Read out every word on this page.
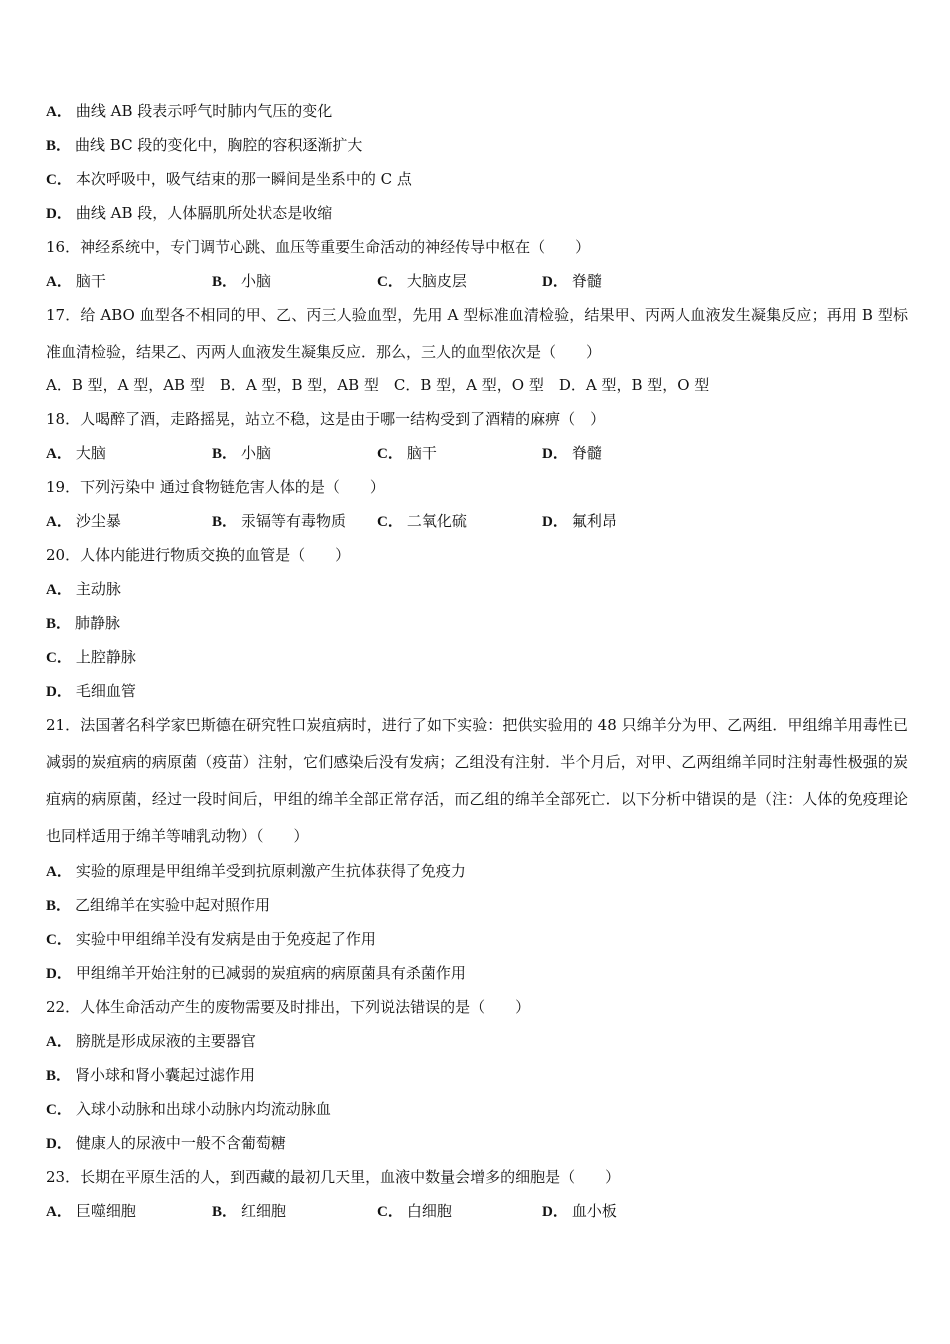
A． 曲线 AB 段表示呼气时肺内气压的变化
B． 曲线 BC 段的变化中，胸腔的容积逐渐扩大
C． 本次呼吸中，吸气结束的那一瞬间是坐系中的 C 点
D． 曲线 AB 段，人体膈肌所处状态是收缩
16．神经系统中，专门调节心跳、血压等重要生命活动的神经传导中枢在（　　）
A． 脑干	B． 小脑	C． 大脑皮层	D． 脊髓
17．给 ABO 血型各不相同的甲、乙、丙三人验血型，先用 A 型标准血清检验，结果甲、丙两人血液发生凝集反应；再用 B 型标准血清检验，结果乙、丙两人血液发生凝集反应．那么，三人的血型依次是（　　）
A．B 型，A 型，AB 型　B．A 型，B 型，AB 型　C．B 型，A 型，O 型　D．A 型，B 型，O 型
18．人喝醉了酒，走路摇晃，站立不稳，这是由于哪一结构受到了酒精的麻痹（　）
A． 大脑	B． 小脑	C． 脑干	D． 脊髓
19．下列污染中 通过食物链危害人体的是（　　）
A． 沙尘暴	B． 汞镉等有毒物质 C． 二氧化硫	D． 氟利昂
20．人体内能进行物质交换的血管是（　　）
A． 主动脉
B． 肺静脉
C． 上腔静脉
D． 毛细血管
21．法国著名科学家巴斯德在研究牲口炭疽病时，进行了如下实验：把供实验用的 48 只绵羊分为甲、乙两组．甲组绵羊用毒性已减弱的炭疽病的病原菌（疫苗）注射，它们感染后没有发病；乙组没有注射．半个月后，对甲、乙两组绵羊同时注射毒性极强的炭疽病的病原菌，经过一段时间后，甲组的绵羊全部正常存活，而乙组的绵羊全部死亡．以下分析中错误的是（注：人体的免疫理论也同样适用于绵羊等哺乳动物）（　　）
A． 实验的原理是甲组绵羊受到抗原刺激产生抗体获得了免疫力
B． 乙组绵羊在实验中起对照作用
C． 实验中甲组绵羊没有发病是由于免疫起了作用
D． 甲组绵羊开始注射的已减弱的炭疽病的病原菌具有杀菌作用
22．人体生命活动产生的废物需要及时排出，下列说法错误的是（　　）
A． 膀胱是形成尿液的主要器官
B． 肾小球和肾小囊起过滤作用
C． 入球小动脉和出球小动脉内均流动脉血
D． 健康人的尿液中一般不含葡萄糖
23．长期在平原生活的人，到西藏的最初几天里，血液中数量会增多的细胞是（　　）
A． 巨噬细胞	B． 红细胞	C． 白细胞	D． 血小板
